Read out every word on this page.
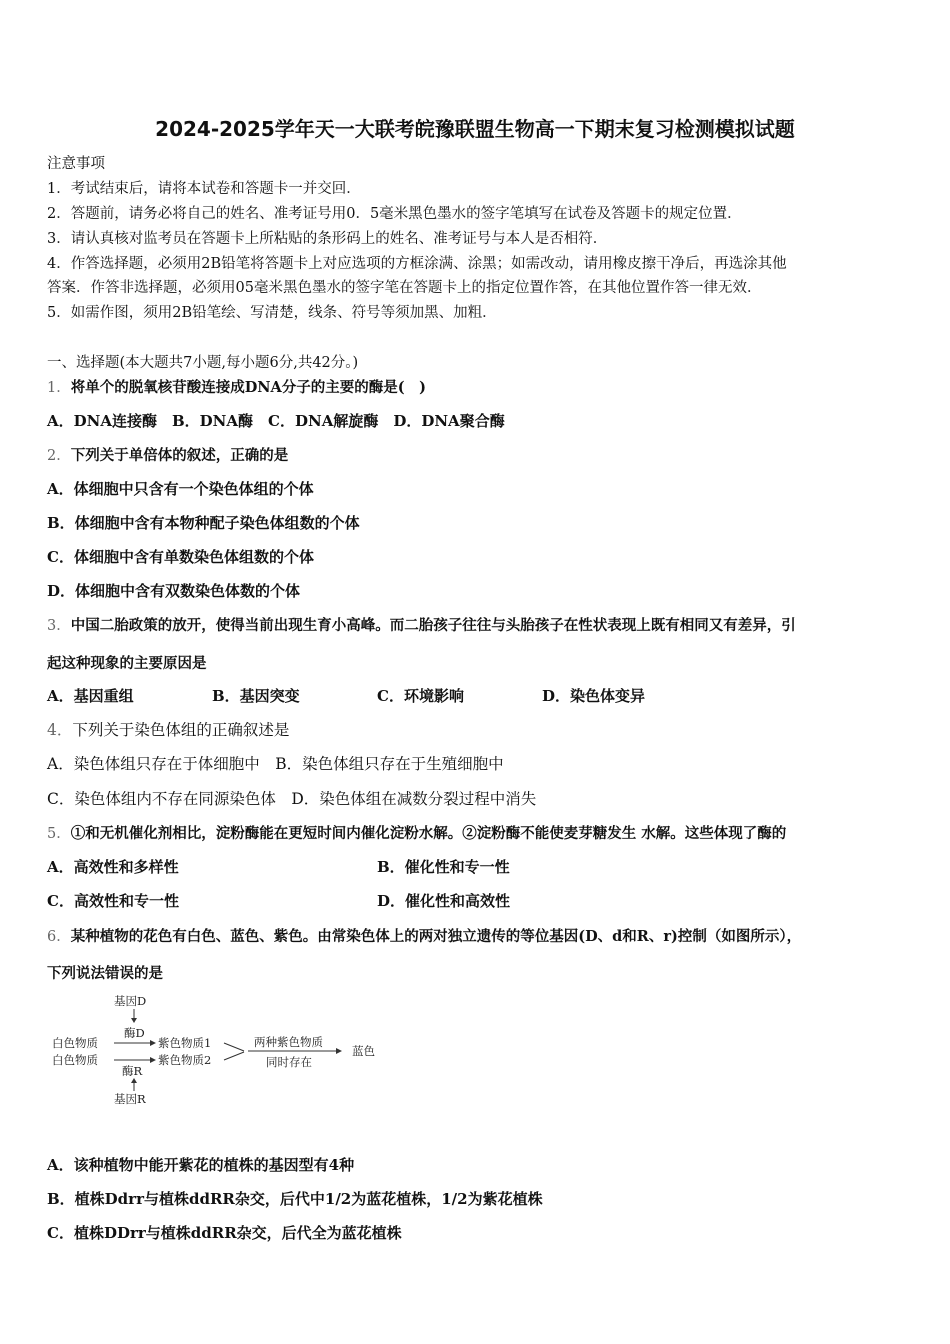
2024-2025学年天一大联考皖豫联盟生物高一下期末复习检测模拟试题
注意事项
1．考试结束后，请将本试卷和答题卡一并交回．
2．答题前，请务必将自己的姓名、准考证号用0．5毫米黑色墨水的签字笔填写在试卷及答题卡的规定位置．
3．请认真核对监考员在答题卡上所粘贴的条形码上的姓名、准考证号与本人是否相符．
4．作答选择题，必须用2B铅笔将答题卡上对应选项的方框涂满、涂黑；如需改动，请用橡皮擦干净后，再选涂其他
答案．作答非选择题，必须用05毫米黑色墨水的签字笔在答题卡上的指定位置作答，在其他位置作答一律无效．
5．如需作图，须用2B铅笔绘、写清楚，线条、符号等须加黑、加粗．
一、选择题(本大题共7小题,每小题6分,共42分。)
1．将单个的脱氧核苷酸连接成DNA分子的主要的酶是(　)
A．DNA连接酶　B．DNA酶　C．DNA解旋酶　D．DNA聚合酶
2．下列关于单倍体的叙述，正确的是
A．体细胞中只含有一个染色体组的个体
B．体细胞中含有本物种配子染色体组数的个体
C．体细胞中含有单数染色体组数的个体
D．体细胞中含有双数染色体数的个体
3．中国二胎政策的放开，使得当前出现生育小高峰。而二胎孩子往往与头胎孩子在性状表现上既有相同又有差异，引
起这种现象的主要原因是
A．基因重组	B．基因突变	C．环境影响	D．染色体变异
4．下列关于染色体组的正确叙述是
A．染色体组只存在于体细胞中　B．染色体组只存在于生殖细胞中
C．染色体组内不存在同源染色体　D．染色体组在减数分裂过程中消失
5．①和无机催化剂相比，淀粉酶能在更短时间内催化淀粉水解。②淀粉酶不能使麦芽糖发生 水解。这些体现了酶的
A．高效性和多样性	B．催化性和专一性
C．高效性和专一性	D．催化性和高效性
6．某种植物的花色有白色、蓝色、紫色。由常染色体上的两对独立遗传的等位基因(D、d和R、r)控制（如图所示），
下列说法错误的是
基因D
酶D
白色物质	紫色物质1
白色物质	紫色物质2
两种紫色物质
同时存在
蓝色
酶R
基因R
A．该种植物中能开紫花的植株的基因型有4种
B．植株Ddrr与植株ddRR杂交，后代中1/2为蓝花植株，1/2为紫花植株
C．植株DDrr与植株ddRR杂交，后代全为蓝花植株
